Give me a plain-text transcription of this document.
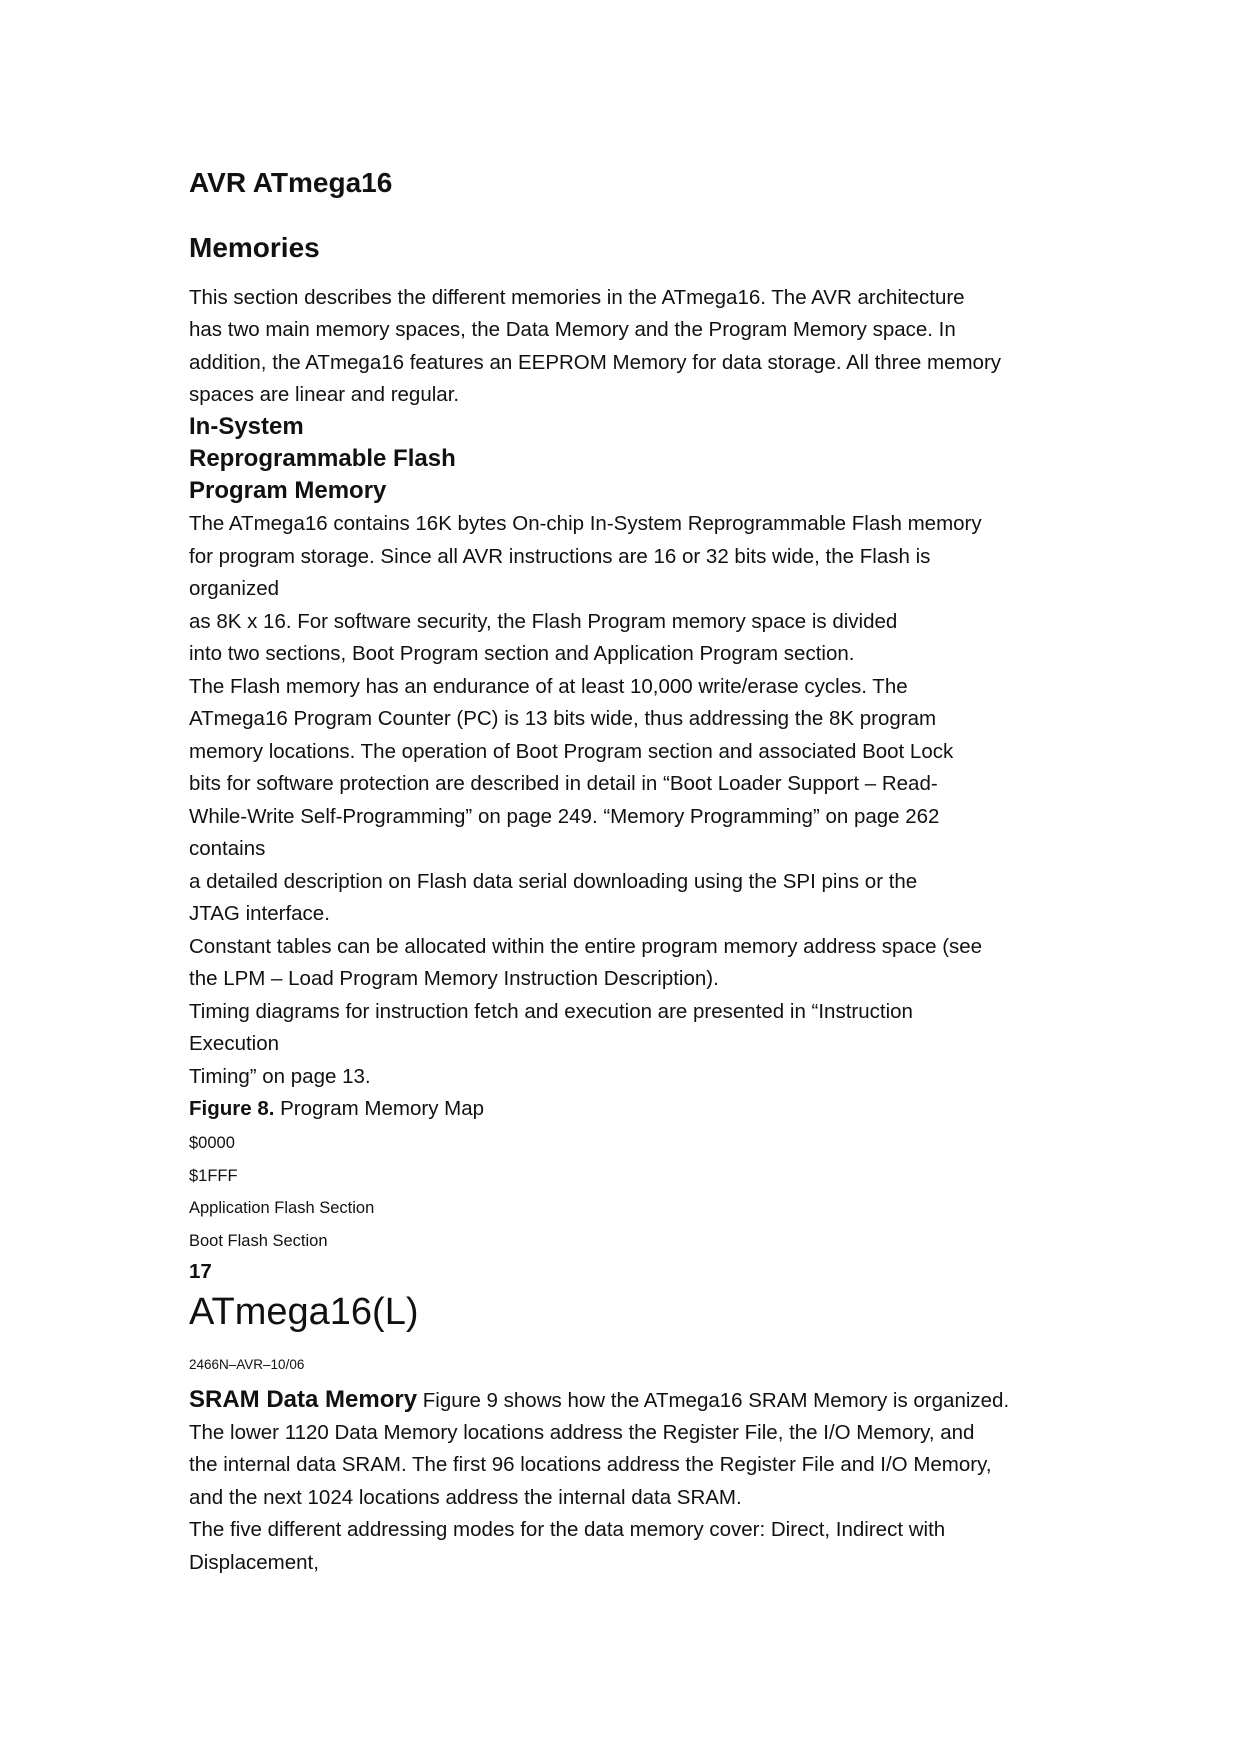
AVR ATmega16
Memories
This section describes the different memories in the ATmega16. The AVR architecture
has two main memory spaces, the Data Memory and the Program Memory space. In
addition, the ATmega16 features an EEPROM Memory for data storage. All three memory
spaces are linear and regular.
In-System
Reprogrammable Flash
Program Memory
The ATmega16 contains 16K bytes On-chip In-System Reprogrammable Flash memory
for program storage. Since all AVR instructions are 16 or 32 bits wide, the Flash is
organized
as 8K x 16. For software security, the Flash Program memory space is divided
into two sections, Boot Program section and Application Program section.
The Flash memory has an endurance of at least 10,000 write/erase cycles. The
ATmega16 Program Counter (PC) is 13 bits wide, thus addressing the 8K program
memory locations. The operation of Boot Program section and associated Boot Lock
bits for software protection are described in detail in “Boot Loader Support – Read-
While-Write Self-Programming” on page 249. “Memory Programming” on page 262
contains
a detailed description on Flash data serial downloading using the SPI pins or the
JTAG interface.
Constant tables can be allocated within the entire program memory address space (see
the LPM – Load Program Memory Instruction Description).
Timing diagrams for instruction fetch and execution are presented in “Instruction
Execution
Timing” on page 13.
Figure 8. Program Memory Map
$0000
$1FFF
Application Flash Section
Boot Flash Section
17
ATmega16(L)
2466N–AVR–10/06
SRAM Data Memory Figure 9 shows how the ATmega16 SRAM Memory is organized.
The lower 1120 Data Memory locations address the Register File, the I/O Memory, and
the internal data SRAM. The first 96 locations address the Register File and I/O Memory,
and the next 1024 locations address the internal data SRAM.
The five different addressing modes for the data memory cover: Direct, Indirect with
Displacement,
